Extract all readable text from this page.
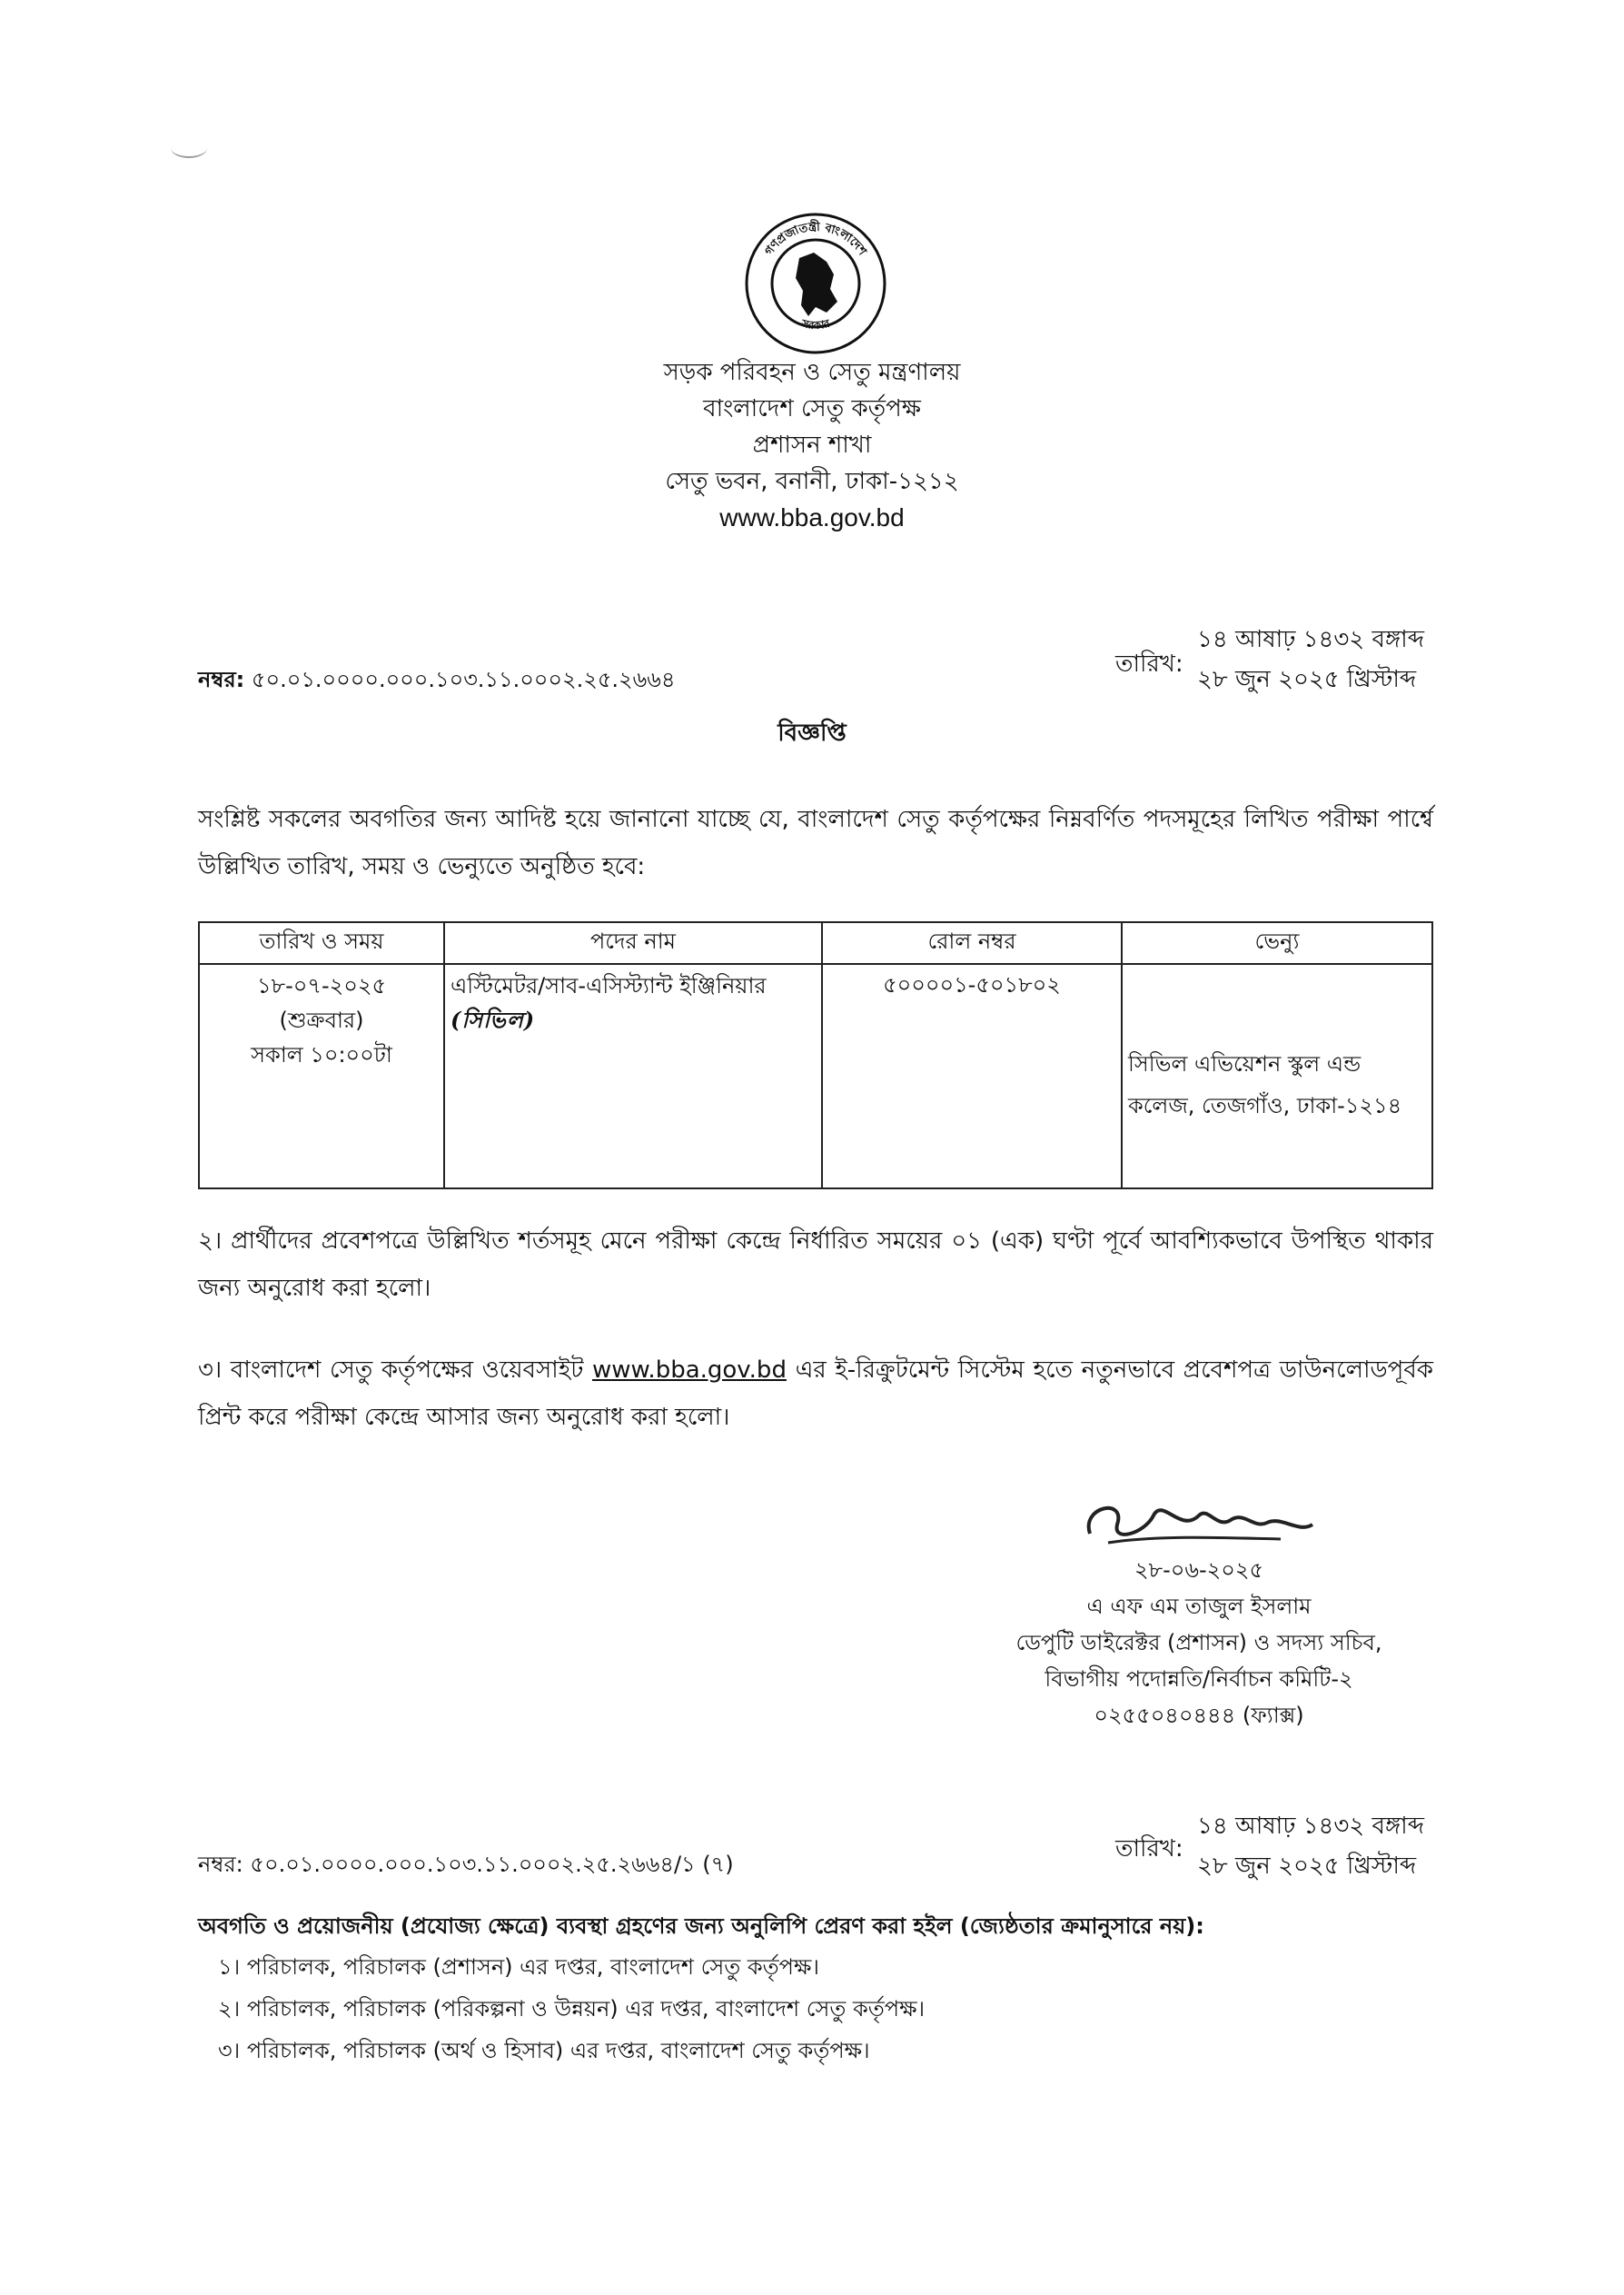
গণপ্রজাতন্ত্রী বাংলাদেশ
সরকার
সড়ক পরিবহন ও সেতু মন্ত্রণালয়
বাংলাদেশ সেতু কর্তৃপক্ষ
প্রশাসন শাখা
সেতু ভবন, বনানী, ঢাকা-১২১২
www.bba.gov.bd
নম্বর: ৫০.০১.০০০০.০০০.১০৩.১১.০০০২.২৫.২৬৬৪
তারিখ:
১৪ আষাঢ় ১৪৩২ বঙ্গাব্দ
২৮ জুন ২০২৫ খ্রিস্টাব্দ
বিজ্ঞপ্তি
সংশ্লিষ্ট সকলের অবগতির জন্য আদিষ্ট হয়ে জানানো যাচ্ছে যে, বাংলাদেশ সেতু কর্তৃপক্ষের নিম্নবর্ণিত পদসমূহের লিখিত পরীক্ষা পার্শ্বে উল্লিখিত তারিখ, সময় ও ভেন্যুতে অনুষ্ঠিত হবে:
তারিখ ও সময়	পদের নাম	রোল নম্বর	ভেন্যু

১৮-০৭-২০২৫
(শুক্রবার)
সকাল ১০:০০টা	এস্টিমেটর/সাব-এসিস্ট্যান্ট ইঞ্জিনিয়ার (সিভিল)	৫০০০০১-৫০১৮০২	সিভিল এভিয়েশন স্কুল এন্ড কলেজ, তেজগাঁও, ঢাকা-১২১৪
২। প্রার্থীদের প্রবেশপত্রে উল্লিখিত শর্তসমূহ মেনে পরীক্ষা কেন্দ্রে নির্ধারিত সময়ের ০১ (এক) ঘণ্টা পূর্বে আবশ্যিকভাবে উপস্থিত থাকার জন্য অনুরোধ করা হলো।
৩। বাংলাদেশ সেতু কর্তৃপক্ষের ওয়েবসাইট www.bba.gov.bd এর ই-রিক্রুটমেন্ট সিস্টেম হতে নতুনভাবে প্রবেশপত্র ডাউনলোডপূর্বক প্রিন্ট করে পরীক্ষা কেন্দ্রে আসার জন্য অনুরোধ করা হলো।
২৮-০৬-২০২৫
এ এফ এম তাজুল ইসলাম
ডেপুটি ডাইরেক্টর (প্রশাসন) ও সদস্য সচিব,
বিভাগীয় পদোন্নতি/নির্বাচন কমিটি-২
০২৫৫০৪০৪৪৪ (ফ্যাক্স)
নম্বর: ৫০.০১.০০০০.০০০.১০৩.১১.০০০২.২৫.২৬৬৪/১ (৭)
তারিখ:
১৪ আষাঢ় ১৪৩২ বঙ্গাব্দ
২৮ জুন ২০২৫ খ্রিস্টাব্দ
অবগতি ও প্রয়োজনীয় (প্রযোজ্য ক্ষেত্রে) ব্যবস্থা গ্রহণের জন্য অনুলিপি প্রেরণ করা হইল (জ্যেষ্ঠতার ক্রমানুসারে নয়):
১। পরিচালক, পরিচালক (প্রশাসন) এর দপ্তর, বাংলাদেশ সেতু কর্তৃপক্ষ।
২। পরিচালক, পরিচালক (পরিকল্পনা ও উন্নয়ন) এর দপ্তর, বাংলাদেশ সেতু কর্তৃপক্ষ।
৩। পরিচালক, পরিচালক (অর্থ ও হিসাব) এর দপ্তর, বাংলাদেশ সেতু কর্তৃপক্ষ।
